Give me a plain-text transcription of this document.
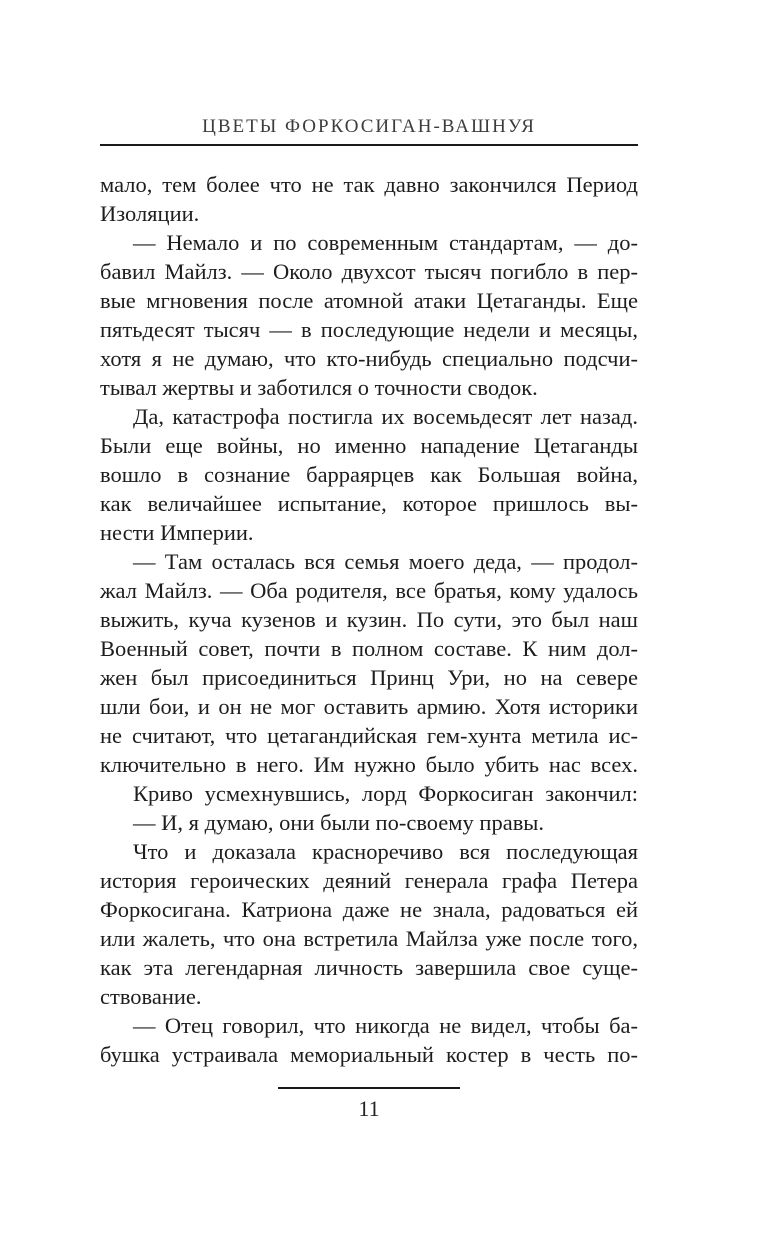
ЦВЕТЫ ФОРКОСИГАН-ВАШНУЯ
мало, тем более что не так давно закончился Период
Изоляции.
— Немало и по современным стандартам, — до-
бавил Майлз. — Около двухсот тысяч погибло в пер-
вые мгновения после атомной атаки Цетаганды. Еще
пятьдесят тысяч — в последующие недели и месяцы,
хотя я не думаю, что кто-нибудь специально подсчи-
тывал жертвы и заботился о точности сводок.
Да, катастрофа постигла их восемьдесят лет назад.
Были еще войны, но именно нападение Цетаганды
вошло в сознание барраярцев как Большая война,
как величайшее испытание, которое пришлось вы-
нести Империи.
— Там осталась вся семья моего деда, — продол-
жал Майлз. — Оба родителя, все братья, кому удалось
выжить, куча кузенов и кузин. По сути, это был наш
Военный совет, почти в полном составе. К ним дол-
жен был присоединиться Принц Ури, но на севере
шли бои, и он не мог оставить армию. Хотя историки
не считают, что цетагандийская гем-хунта метила ис-
ключительно в него. Им нужно было убить нас всех.
Криво усмехнувшись, лорд Форкосиган закончил:
— И, я думаю, они были по-своему правы.
Что и доказала красноречиво вся последующая
история героических деяний генерала графа Петера
Форкосигана. Катриона даже не знала, радоваться ей
или жалеть, что она встретила Майлза уже после того,
как эта легендарная личность завершила свое суще-
ствование.
— Отец говорил, что никогда не видел, чтобы ба-
бушка устраивала мемориальный костер в честь по-
11
